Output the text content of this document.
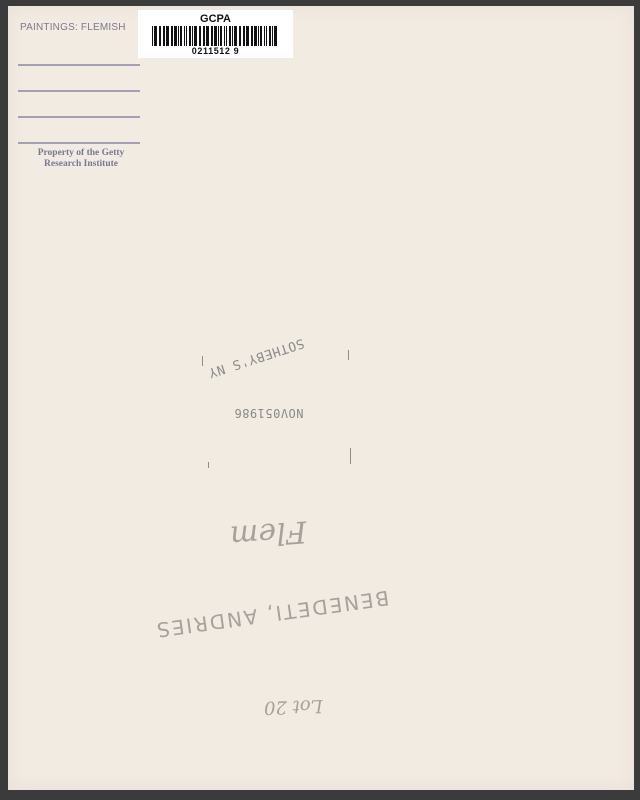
PAINTINGS: FLEMISH
Property of the Getty
Research Institute
GCPA
0211512 9
SOTHEBY'S NY
NOV051986
Flem
BENEDETI, ANDRIES
Lot 20
